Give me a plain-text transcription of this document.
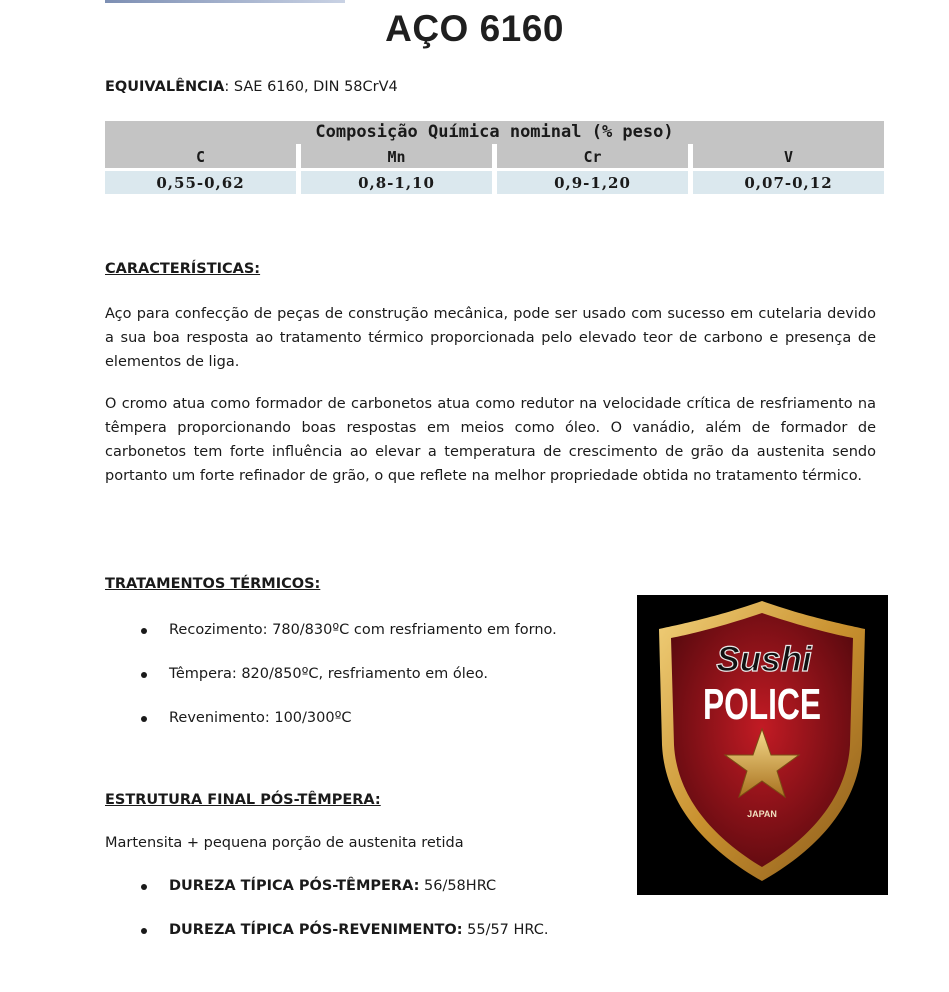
AÇO 6160
EQUIVALÊNCIA: SAE 6160, DIN 58CrV4
Composição Química nominal (% peso)
C	Mn	Cr	V
0,55-0,62	0,8-1,10	0,9-1,20	0,07-0,12
CARACTERÍSTICAS:
Aço para confecção de peças de construção mecânica, pode ser usado com sucesso em cutelaria devido a sua boa resposta ao tratamento térmico proporcionada pelo elevado teor de carbono e presença de elementos de liga.
O cromo atua como formador de carbonetos atua como redutor na velocidade crítica de resfriamento na têmpera proporcionando boas respostas em meios como óleo. O vanádio, além de formador de carbonetos tem forte influência ao elevar a temperatura de crescimento de grão da austenita sendo portanto um forte refinador de grão, o que reflete na melhor propriedade obtida no tratamento térmico.
TRATAMENTOS TÉRMICOS:
Recozimento: 780/830ºC com resfriamento em forno.
Têmpera: 820/850ºC, resfriamento em óleo.
Revenimento: 100/300ºC
ESTRUTURA FINAL PÓS-TÊMPERA:
Martensita + pequena porção de austenita retida
DUREZA TÍPICA PÓS-TÊMPERA: 56/58HRC
DUREZA TÍPICA PÓS-REVENIMENTO: 55/57 HRC.
Sushi
POLICE
JAPAN
